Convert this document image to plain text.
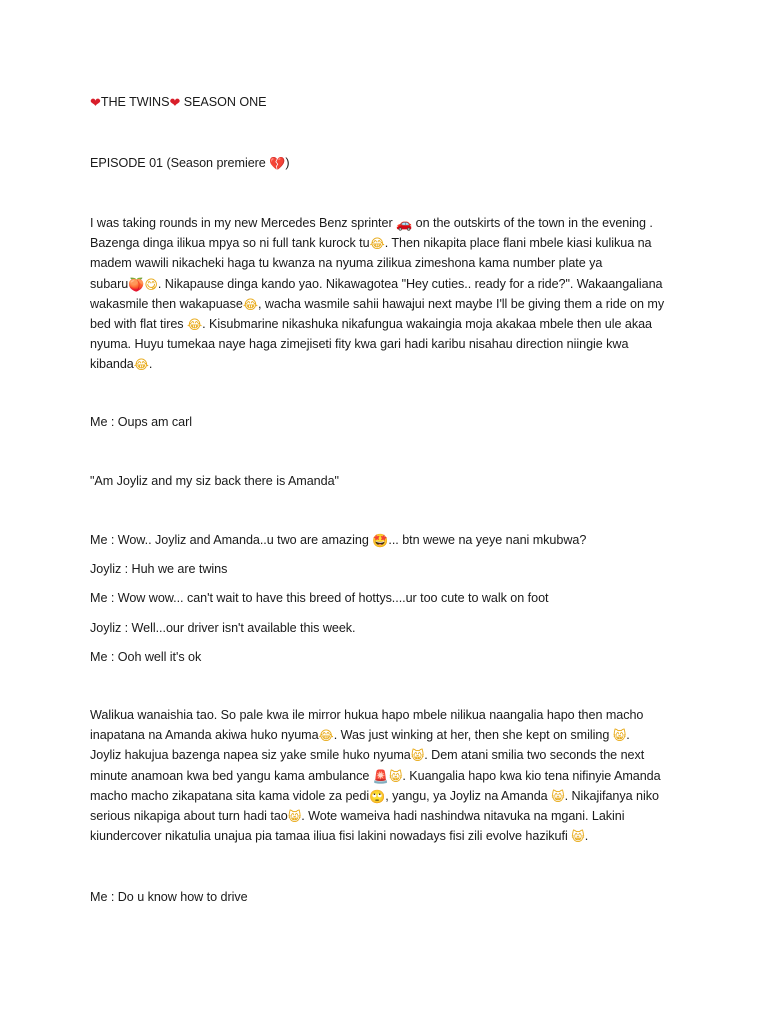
❤THE TWINS❤ SEASON ONE
EPISODE 01 (Season premiere 💔)
I was taking rounds in my new Mercedes Benz sprinter 🚗 on the outskirts of the town in the evening .
Bazenga dinga ilikua mpya so ni full tank kurock tu😂. Then nikapita place flani mbele kiasi kulikua na
madem wawili nikacheki haga tu kwanza na nyuma zilikua zimeshona kama number plate ya
subaru🍑😋. Nikapause dinga kando yao. Nikawagotea "Hey cuties.. ready for a ride?". Wakaangaliana
wakasmile then wakapuase😂, wacha wasmile sahii hawajui next maybe I'll be giving them a ride on my
bed with flat tires 😂. Kisubmarine nikashuka nikafungua wakaingia moja akakaa mbele then ule akaa
nyuma. Huyu tumekaa naye haga zimejiseti fity kwa gari hadi karibu nisahau direction niingie kwa
kibanda😂.
Me : Oups am carl
"Am Joyliz and my siz back there is Amanda"
Me : Wow.. Joyliz and Amanda..u two are amazing 🤩... btn wewe na yeye nani mkubwa?
Joyliz : Huh we are twins
Me : Wow wow... can't wait to have this breed of hottys....ur too cute to walk on foot
Joyliz : Well...our driver isn't available this week.
Me : Ooh well it's ok
Walikua wanaishia tao. So pale kwa ile mirror hukua hapo mbele nilikua naangalia hapo then macho
inapatana na Amanda akiwa huko nyuma😂. Was just winking at her, then she kept on smiling 😸.
Joyliz hakujua bazenga napea siz yake smile huko nyuma😸. Dem atani smilia two seconds the next
minute anamoan kwa bed yangu kama ambulance 🚨😸. Kuangalia hapo kwa kio tena nifinyie Amanda
macho macho zikapatana sita kama vidole za pedi🙄, yangu, ya Joyliz na Amanda 😸. Nikajifanya niko
serious nikapiga about turn hadi tao😸. Wote wameiva hadi nashindwa nitavuka na mgani. Lakini
kiundercover nikatulia unajua pia tamaa iliua fisi lakini nowadays fisi zili evolve hazikufi 😸.
Me : Do u know how to drive
